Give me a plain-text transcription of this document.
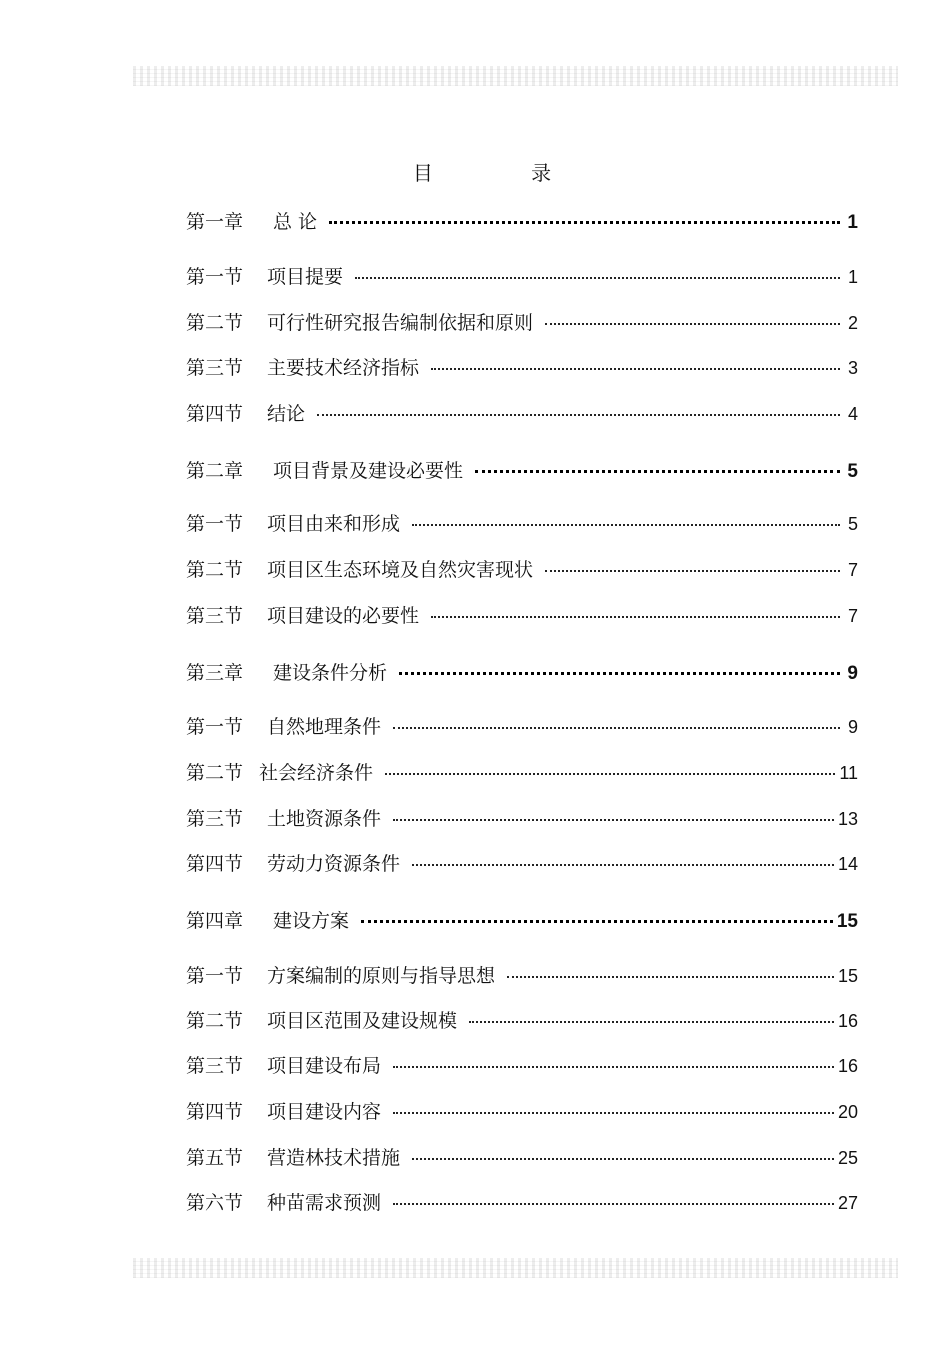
目 录
第一章	总 论	1
第一节	项目提要	1
第二节	可行性研究报告编制依据和原则	2
第三节	主要技术经济指标	3
第四节	结论	4
第二章	项目背景及建设必要性	5
第一节	项目由来和形成	5
第二节	项目区生态环境及自然灾害现状	7
第三节	项目建设的必要性	7
第三章	建设条件分析	9
第一节	自然地理条件	9
第二节 社会经济条件	11
第三节	土地资源条件	13
第四节	劳动力资源条件	14
第四章	建设方案	15
第一节	方案编制的原则与指导思想	15
第二节	项目区范围及建设规模	16
第三节	项目建设布局	16
第四节	项目建设内容	20
第五节	营造林技术措施	25
第六节	种苗需求预测	27
